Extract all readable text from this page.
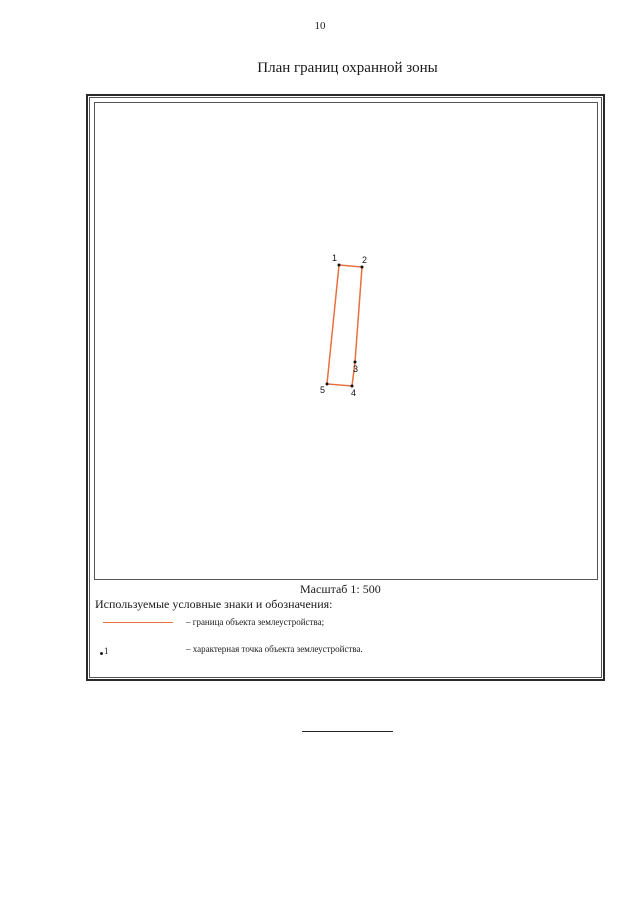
10
План границ охранной зоны
1	2
3
4
5
Масштаб 1: 500
Используемые условные знаки и обозначения:
– граница объекта землеустройства;
1	– характерная точка объекта землеустройства.
